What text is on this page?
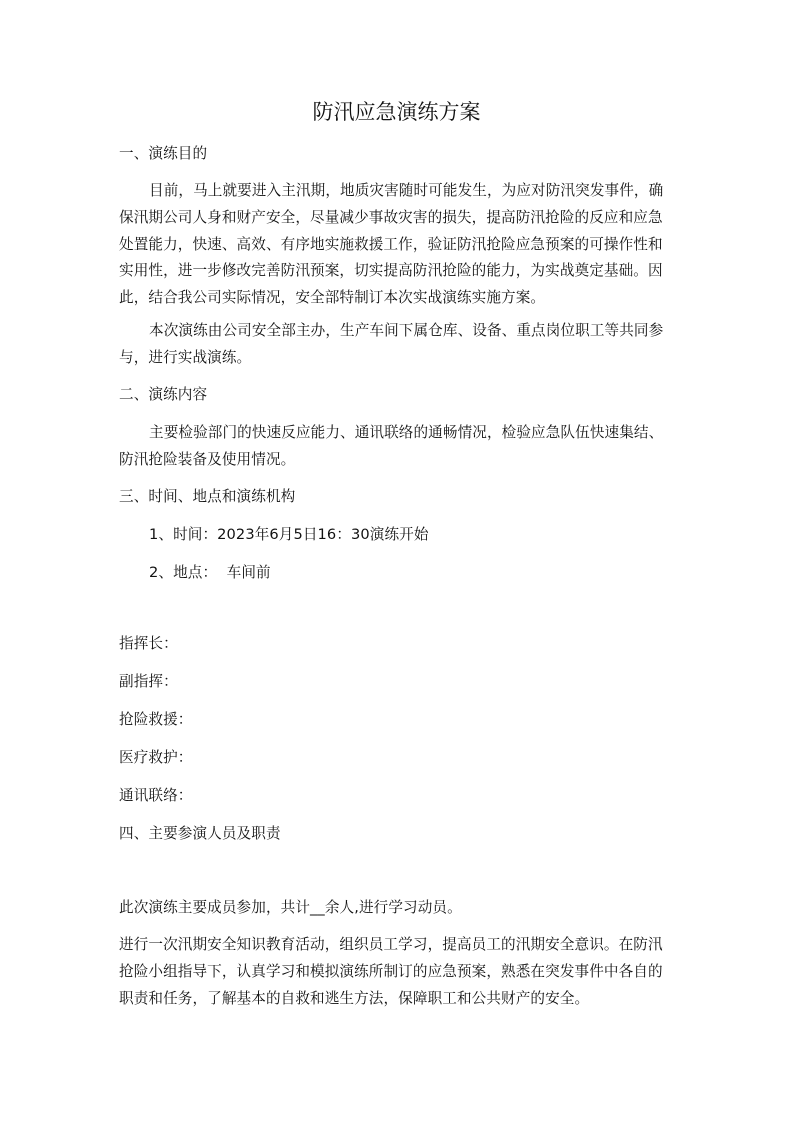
防汛应急演练方案

一、演练目的

目前，马上就要进入主汛期，地质灾害随时可能发生，为应对防汛突发事件，确保汛期公司人身和财产安全，尽量减少事故灾害的损失，提高防汛抢险的反应和应急处置能力，快速、高效、有序地实施救援工作，验证防汛抢险应急预案的可操作性和实用性，进一步修改完善防汛预案，切实提高防汛抢险的能力，为实战奠定基础。因此，结合我公司实际情况，安全部特制订本次实战演练实施方案。

本次演练由公司安全部主办，生产车间下属仓库、设备、重点岗位职工等共同参与，进行实战演练。

二、演练内容

主要检验部门的快速反应能力、通讯联络的通畅情况，检验应急队伍快速集结、防汛抢险装备及使用情况。

三、时间、地点和演练机构

1、时间：2023年6月5日16：30演练开始

2、地点：  车间前

指挥长：

副指挥：

抢险救援：

医疗救护：

通讯联络：

四、主要参演人员及职责

此次演练主要成员参加，共计__余人,进行学习动员。

进行一次汛期安全知识教育活动，组织员工学习，提高员工的汛期安全意识。在防汛抢险小组指导下，认真学习和模拟演练所制订的应急预案，熟悉在突发事件中各自的职责和任务，了解基本的自救和逃生方法，保障职工和公共财产的安全。
